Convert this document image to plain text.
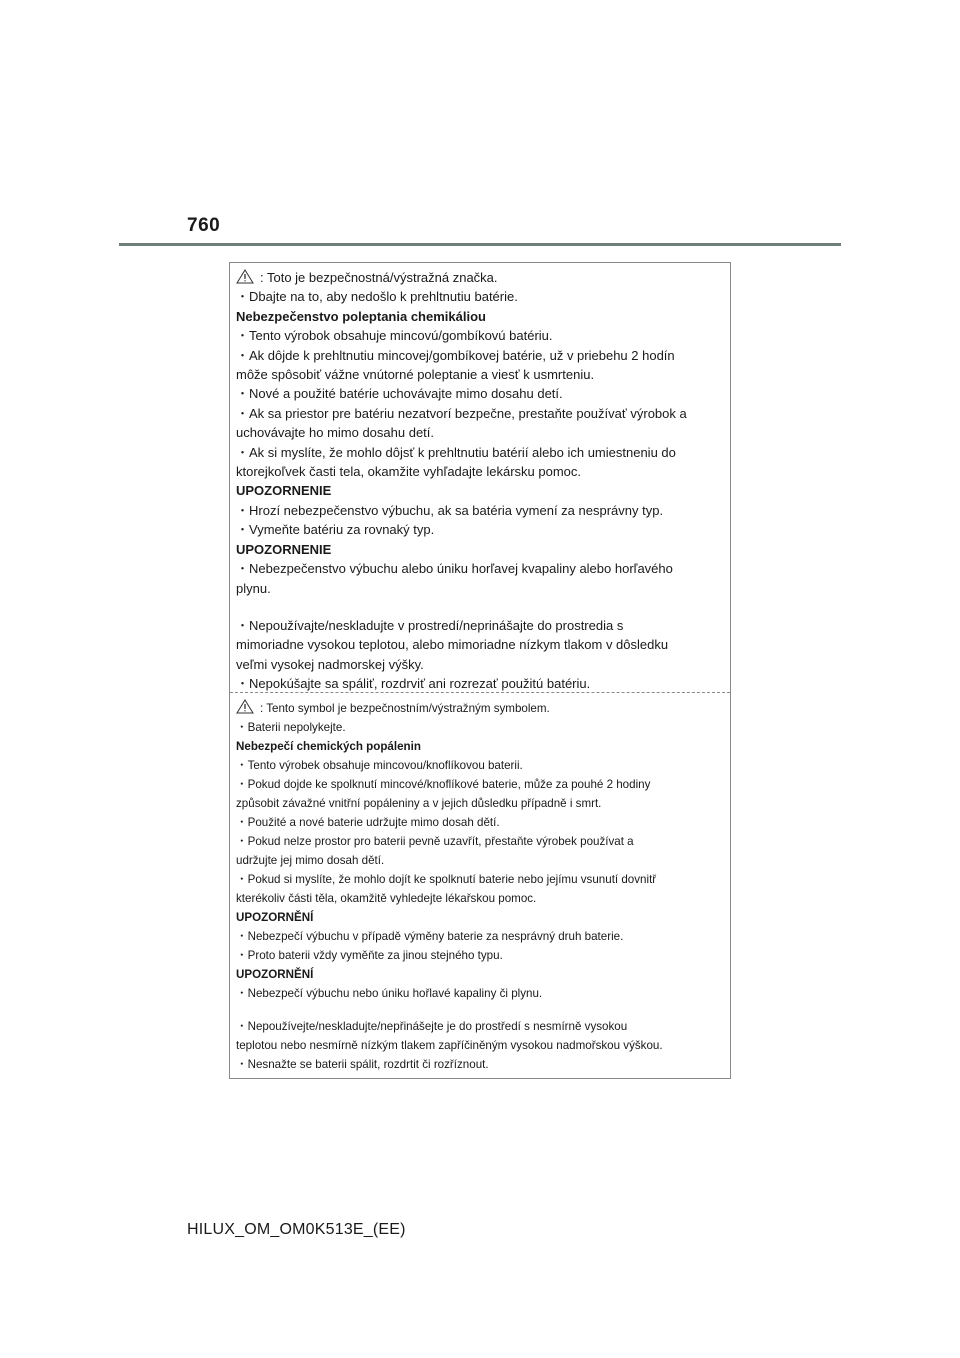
760

: Toto je bezpečnostná/výstražná značka.

・Dbajte na to, aby nedošlo k prehltnutiu batérie.

Nebezpečenstvo poleptania chemikáliou

・Tento výrobok obsahuje mincovú/gombíkovú batériu.

・Ak dôjde k prehltnutiu mincovej/gombíkovej batérie, už v priebehu 2 hodín

môže spôsobiť vážne vnútorné poleptanie a viesť k usmrteniu.

・Nové a použité batérie uchovávajte mimo dosahu detí.

・Ak sa priestor pre batériu nezatvorí bezpečne, prestaňte používať výrobok a

uchovávajte ho mimo dosahu detí.

・Ak si myslíte, že mohlo dôjsť k prehltnutiu batérií alebo ich umiestneniu do

ktorejkoľvek časti tela, okamžite vyhľadajte lekársku pomoc.

UPOZORNENIE

・Hrozí nebezpečenstvo výbuchu, ak sa batéria vymení za nesprávny typ.

・Vymeňte batériu za rovnaký typ.

UPOZORNENIE

・Nebezpečenstvo výbuchu alebo úniku horľavej kvapaliny alebo horľavého

plynu.

・Nepoužívajte/neskladujte v prostredí/neprinášajte do prostredia s

mimoriadne vysokou teplotou, alebo mimoriadne nízkym tlakom v dôsledku

veľmi vysokej nadmorskej výšky.

・Nepokúšajte sa spáliť, rozdrviť ani rozrezať použitú batériu.

: Tento symbol je bezpečnostním/výstražným symbolem.

・Baterii nepolykejte.

Nebezpečí chemických popálenin

・Tento výrobek obsahuje mincovou/knoflíkovou baterii.

・Pokud dojde ke spolknutí mincové/knoflíkové baterie, může za pouhé 2 hodiny

způsobit závažné vnitřní popáleniny a v jejich důsledku případně i smrt.

・Použité a nové baterie udržujte mimo dosah dětí.

・Pokud nelze prostor pro baterii pevně uzavřít, přestaňte výrobek používat a

udržujte jej mimo dosah dětí.

・Pokud si myslíte, že mohlo dojít ke spolknutí baterie nebo jejímu vsunutí dovnitř

kterékoliv části těla, okamžitě vyhledejte lékařskou pomoc.

UPOZORNĚNÍ

・Nebezpečí výbuchu v případě výměny baterie za nesprávný druh baterie.

・Proto baterii vždy vyměňte za jinou stejného typu.

UPOZORNĚNÍ

・Nebezpečí výbuchu nebo úniku hořlavé kapaliny či plynu.

・Nepoužívejte/neskladujte/nepřinášejte je do prostředí s nesmírně vysokou

teplotou nebo nesmírně nízkým tlakem zapříčiněným vysokou nadmořskou výškou.

・Nesnažte se baterii spálit, rozdrtit či rozříznout.

HILUX_OM_OM0K513E_(EE)
